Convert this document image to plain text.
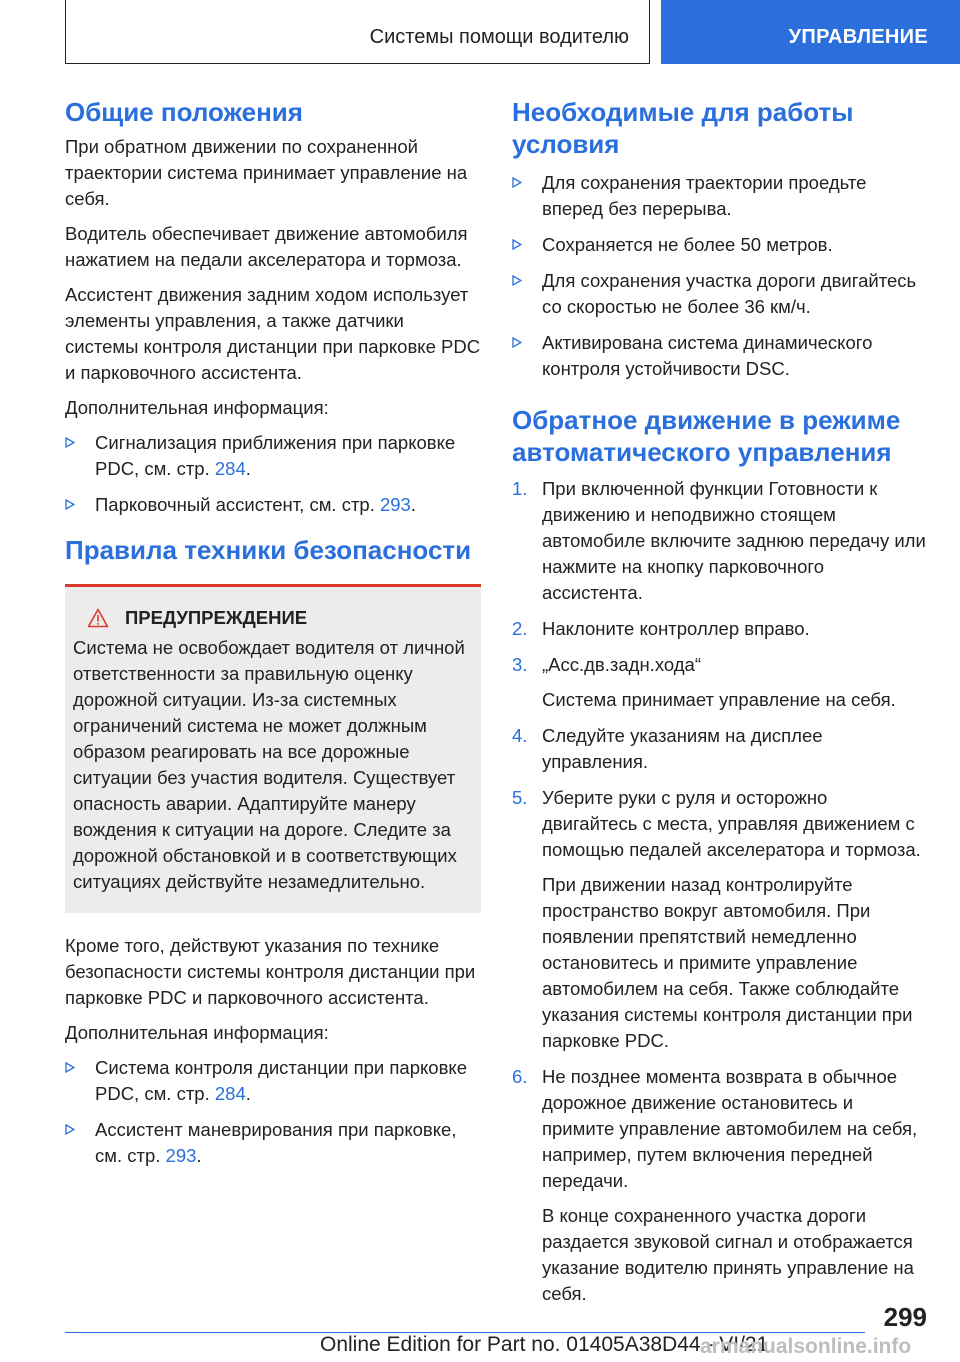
Системы помощи водителю	УПРАВЛЕНИЕ
Общие положения

При обратном движении по сохраненной траектории система принимает управление на себя.

Водитель обеспечивает движение автомобиля нажатием на педали акселератора и тормоза.

Ассистент движения задним ходом использует элементы управления, а также датчики системы контроля дистанции при парковке PDC и парковочного ассистента.

Дополнительная информация:

Сигнализация приближения при парковке PDC, см. стр. 284.
Парковочный ассистент, см. стр. 293.
Правила техники безопасности
ПРЕДУПРЕЖДЕНИЕ

Система не освобождает водителя от личной ответственности за правильную оценку дорожной ситуации. Из-за системных ограничений система не может должным образом реагировать на все дорожные ситуации без участия водителя. Существует опасность аварии. Адаптируйте манеру вождения к ситуации на дороге. Следите за дорожной обстановкой и в соответствующих ситуациях действуйте незамедлительно.

Кроме того, действуют указания по технике безопасности системы контроля дистанции при парковке PDC и парковочного ассистента.

Дополнительная информация:

Система контроля дистанции при парковке PDC, см. стр. 284.
Ассистент маневрирования при парковке, см. стр. 293.
Необходимые для работы условия
Для сохранения траектории проедьте вперед без перерыва.
Сохраняется не более 50 метров.
Для сохранения участка дороги двигайтесь со скоростью не более 36 км/ч.
Активирована система динамического контроля устойчивости DSC.
Обратное движение в режиме автоматического управления
1. При включенной функции Готовности к движению и неподвижно стоящем автомобиле включите заднюю передачу или нажмите на кнопку парковочного ассистента.
2. Наклоните контроллер вправо.
3. „Асс.дв.задн.хода“
Система принимает управление на себя.
4. Следуйте указаниям на дисплее управления.
5. Уберите руки с руля и осторожно двигайтесь с места, управляя движением с помощью педалей акселератора и тормоза.
При движении назад контролируйте пространство вокруг автомобиля. При появлении препятствий немедленно остановитесь и примите управление автомобилем на себя. Также соблюдайте указания системы контроля дистанции при парковке PDC.
6. Не позднее момента возврата в обычное дорожное движение остановитесь и примите управление автомобилем на себя, например, путем включения передней передачи.
В конце сохраненного участка дороги раздается звуковой сигнал и отображается указание водителю принять управление на себя.
299
Online Edition for Part no. 01405A38D44 - VI/21
armanualsonline.info
